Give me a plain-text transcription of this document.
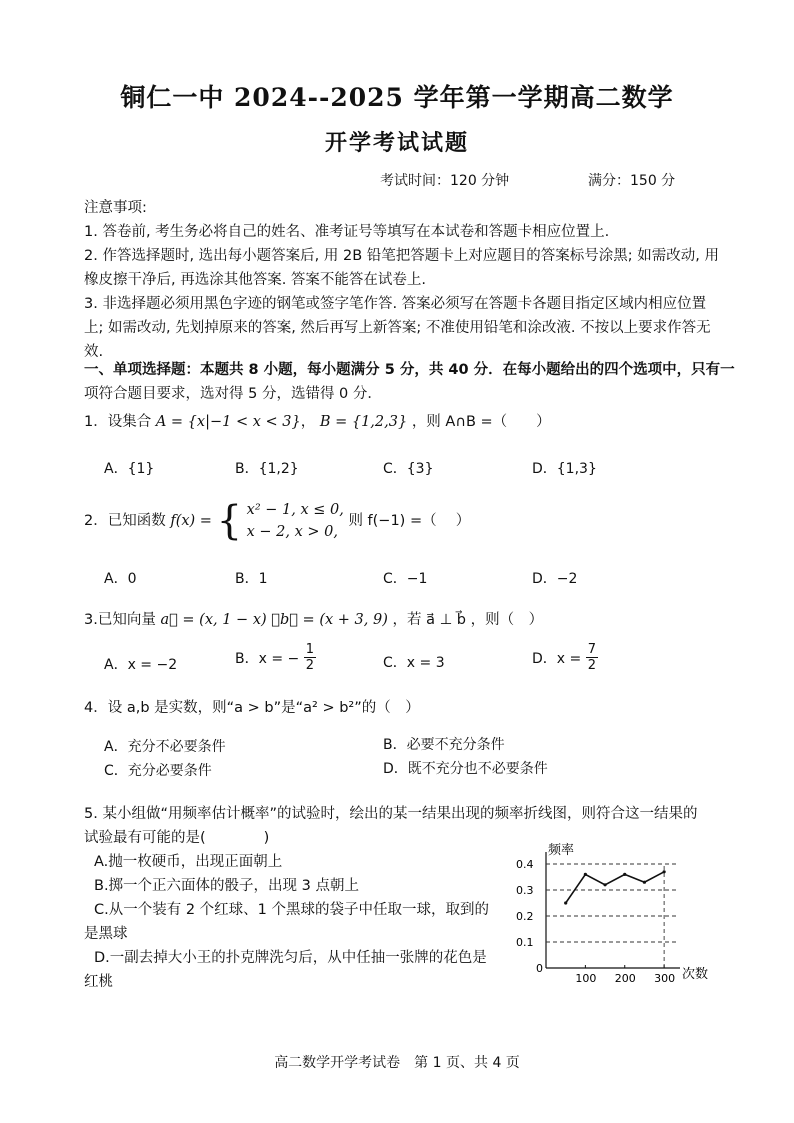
铜仁一中 2024--2025 学年第一学期高二数学
开学考试试题
考试时间：120 分钟	满分：150 分
注意事项:
1. 答卷前, 考生务必将自己的姓名、准考证号等填写在本试卷和答题卡相应位置上.
2. 作答选择题时, 选出每小题答案后, 用 2B 铅笔把答题卡上对应题目的答案标号涂黑; 如需改动, 用
橡皮擦干净后, 再选涂其他答案. 答案不能答在试卷上.
3. 非选择题必须用黑色字迹的钢笔或签字笔作答. 答案必须写在答题卡各题目指定区域内相应位置
上; 如需改动, 先划掉原来的答案, 然后再写上新答案; 不准使用铅笔和涂改液. 不按以上要求作答无
效.
一、单项选择题：本题共 8 小题，每小题满分 5 分，共 40 分．在每小题给出的四个选项中，只有一
项符合题目要求，选对得 5 分，选错得 0 分．
1．设集合 A = {x|−1 < x < 3}， B = {1,2,3} ，则 A∩B =（　　）
A．{1}	B．{1,2}	C．{3}	D．{1,3}
2．已知函数 f(x) = { x² − 1, x ≤ 0,
x − 2, x > 0,
则 f(−1) =（　 ）
A．0	B．1	C．−1	D．−2
3.已知向量 a⃗ = (x, 1 − x) ，b⃗ = (x + 3, 9) ，若 a⃗ ⊥ b⃗ ，则（　）
A．x = −2	B．x = − $\frac{1}{2}$	C．x = 3	D．$x = \frac{7}{2}$
4．设 a,b 是实数，则“a > b”是“a² > b²”的（　）
A．充分不必要条件	B．必要不充分条件
C．充分必要条件	D．既不充分也不必要条件
5. 某小组做“用频率估计概率”的试验时，绘出的某一结果出现的频率折线图，则符合这一结果的
试验最有可能的是(　　　　)
A.抛一枚硬币，出现正面朝上
B.掷一个正六面体的骰子，出现 3 点朝上
C.从一个装有 2 个红球、1 个黑球的袋子中任取一球，取到的
是黑球
D.一副去掉大小王的扑克牌洗匀后，从中任抽一张牌的花色是
红桃
频率
次数
0
0.4
0.3
0.2
0.1
100 200 300
高二数学开学考试卷　第 1 页、共 4 页
